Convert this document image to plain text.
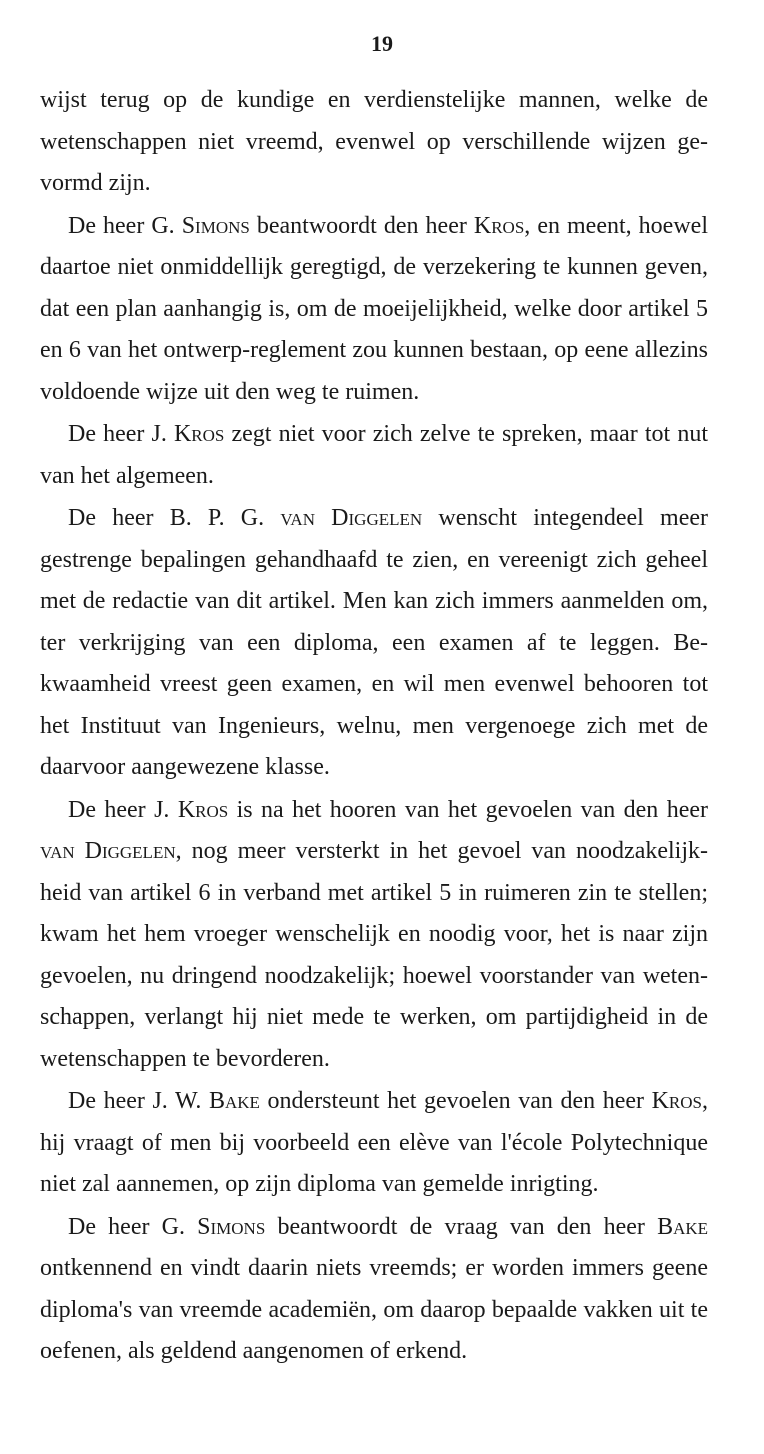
19

wijst terug op de kundige en verdienstelijke mannen, welke de wetenschappen niet vreemd, evenwel op verschillende wijzen ge-vormd zijn.

De heer G. Simons beantwoordt den heer Kros, en meent, hoewel daartoe niet onmiddellijk geregtigd, de verzekering te kunnen geven, dat een plan aanhangig is, om de moeijelijkheid, welke door artikel 5 en 6 van het ontwerp-reglement zou kunnen bestaan, op eene allezins voldoende wijze uit den weg te ruimen.

De heer J. Kros zegt niet voor zich zelve te spreken, maar tot nut van het algemeen.

De heer B. P. G. van Diggelen wenscht integendeel meer gestrenge bepalingen gehandhaafd te zien, en vereenigt zich geheel met de redactie van dit artikel. Men kan zich immers aanmelden om, ter verkrijging van een diploma, een examen af te leggen. Be-kwaamheid vreest geen examen, en wil men evenwel behooren tot het Instituut van Ingenieurs, welnu, men vergenoege zich met de daarvoor aangewezene klasse.

De heer J. Kros is na het hooren van het gevoelen van den heer van Diggelen, nog meer versterkt in het gevoel van noodzakelijk-heid van artikel 6 in verband met artikel 5 in ruimeren zin te stellen; kwam het hem vroeger wenschelijk en noodig voor, het is naar zijn gevoelen, nu dringend noodzakelijk; hoewel voorstander van weten-schappen, verlangt hij niet mede te werken, om partijdigheid in de wetenschappen te bevorderen.

De heer J. W. Bake ondersteunt het gevoelen van den heer Kros, hij vraagt of men bij voorbeeld een elève van l'école Polytechnique niet zal aannemen, op zijn diploma van gemelde inrigting.

De heer G. Simons beantwoordt de vraag van den heer Bake ontkennend en vindt daarin niets vreemds; er worden immers geene diploma's van vreemde academiën, om daarop bepaalde vakken uit te oefenen, als geldend aangenomen of erkend.
